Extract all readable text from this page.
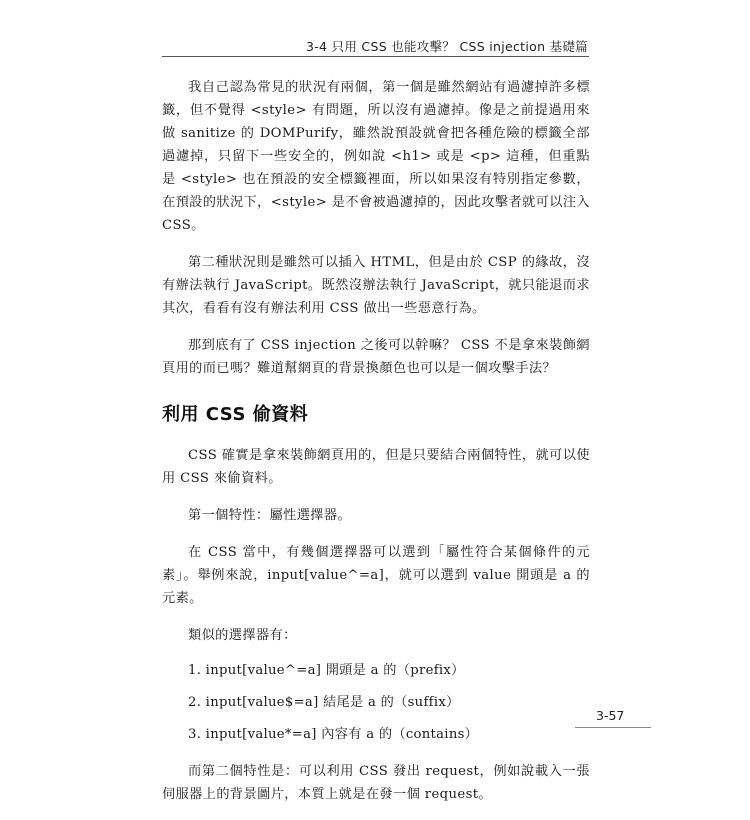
3-4 只用 CSS 也能攻擊？ CSS injection 基礎篇

我自己認為常見的狀況有兩個，第一個是雖然網站有過濾掉許多標籤，但不覺得 <style> 有問題，所以沒有過濾掉。像是之前提過用來做 sanitize 的 DOMPurify，雖然說預設就會把各種危險的標籤全部過濾掉，只留下一些安全的，例如說 <h1> 或是 <p> 這種，但重點是 <style> 也在預設的安全標籤裡面，所以如果沒有特別指定參數，在預設的狀況下，<style> 是不會被過濾掉的，因此攻擊者就可以注入 CSS。

第二種狀況則是雖然可以插入 HTML，但是由於 CSP 的緣故，沒有辦法執行 JavaScript。既然沒辦法執行 JavaScript，就只能退而求其次，看看有沒有辦法利用 CSS 做出一些惡意行為。

那到底有了 CSS injection 之後可以幹嘛？ CSS 不是拿來裝飾網頁用的而已嗎？難道幫網頁的背景換顏色也可以是一個攻擊手法？

利用 CSS 偷資料

CSS 確實是拿來裝飾網頁用的，但是只要結合兩個特性，就可以使用 CSS 來偷資料。

第一個特性：屬性選擇器。

在 CSS 當中，有幾個選擇器可以選到「屬性符合某個條件的元素」。舉例來說，input[value^=a]，就可以選到 value 開頭是 a 的元素。

類似的選擇器有：

1. input[value^=a] 開頭是 a 的（prefix）
2. input[value$=a] 結尾是 a 的（suffix）
3. input[value*=a] 內容有 a 的（contains）

而第二個特性是：可以利用 CSS 發出 request，例如說載入一張伺服器上的背景圖片，本質上就是在發一個 request。

3-57
